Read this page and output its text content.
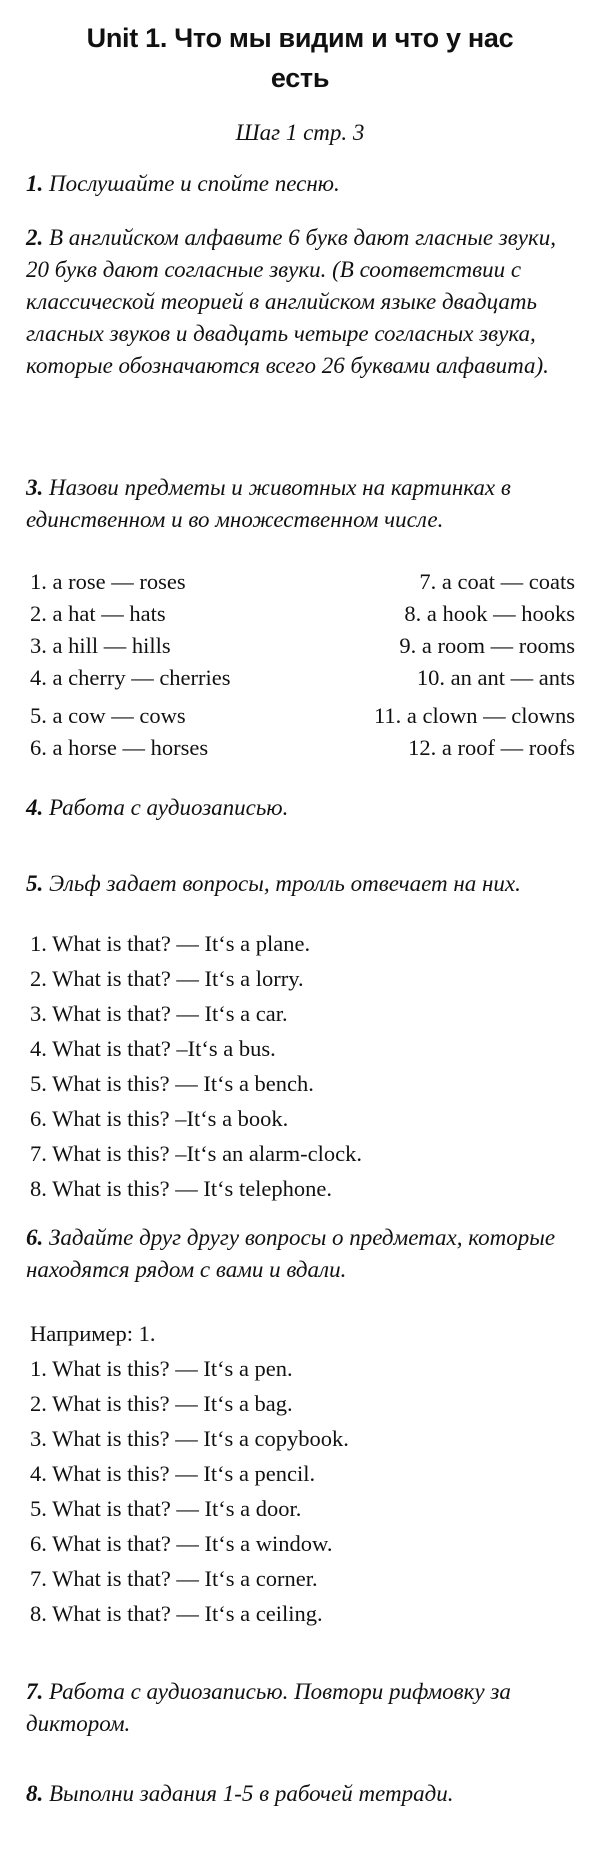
Unit 1. Что мы видим и что у нас
есть
Шаг 1 стр. 3
1. Послушайте и спойте песню.
2. В английском алфавите 6 букв дают гласные звуки, 20 букв дают согласные звуки. (В соответствии с классической теорией в английском языке двадцать гласных звуков и двадцать четыре согласных звука, которые обозначаются всего 26 буквами алфавита).
3. Назови предметы и животных на картинках в единственном и во множественном числе.
1. a rose — roses	7. a coat — coats
2. a hat — hats	8. a hook — hooks
3. a hill — hills	9. a room — rooms
4. a cherry — cherries	10. an ant — ants
5. a cow — cows	11. a clown — clowns
6. a horse — horses	12. a roof — roofs
4. Работа с аудиозаписью.
5. Эльф задает вопросы, тролль отвечает на них.
1. What is that? — It‘s a plane.
2. What is that? — It‘s a lorry.
3. What is that? — It‘s a car.
4. What is that? –It‘s a bus.
5. What is this? — It‘s a bench.
6. What is this? –It‘s a book.
7. What is this? –It‘s an alarm-clock.
8. What is this? — It‘s telephone.
6. Задайте друг другу вопросы о предметах, которые находятся рядом с вами и вдали.
Например: 1.
1. What is this? — It‘s a pen.
2. What is this? — It‘s a bag.
3. What is this? — It‘s a copybook.
4. What is this? — It‘s a pencil.
5. What is that? — It‘s a door.
6. What is that? — It‘s a window.
7. What is that? — It‘s a corner.
8. What is that? — It‘s a ceiling.
7. Работа с аудиозаписью. Повтори рифмовку за диктором.
8. Выполни задания 1-5 в рабочей тетради.
